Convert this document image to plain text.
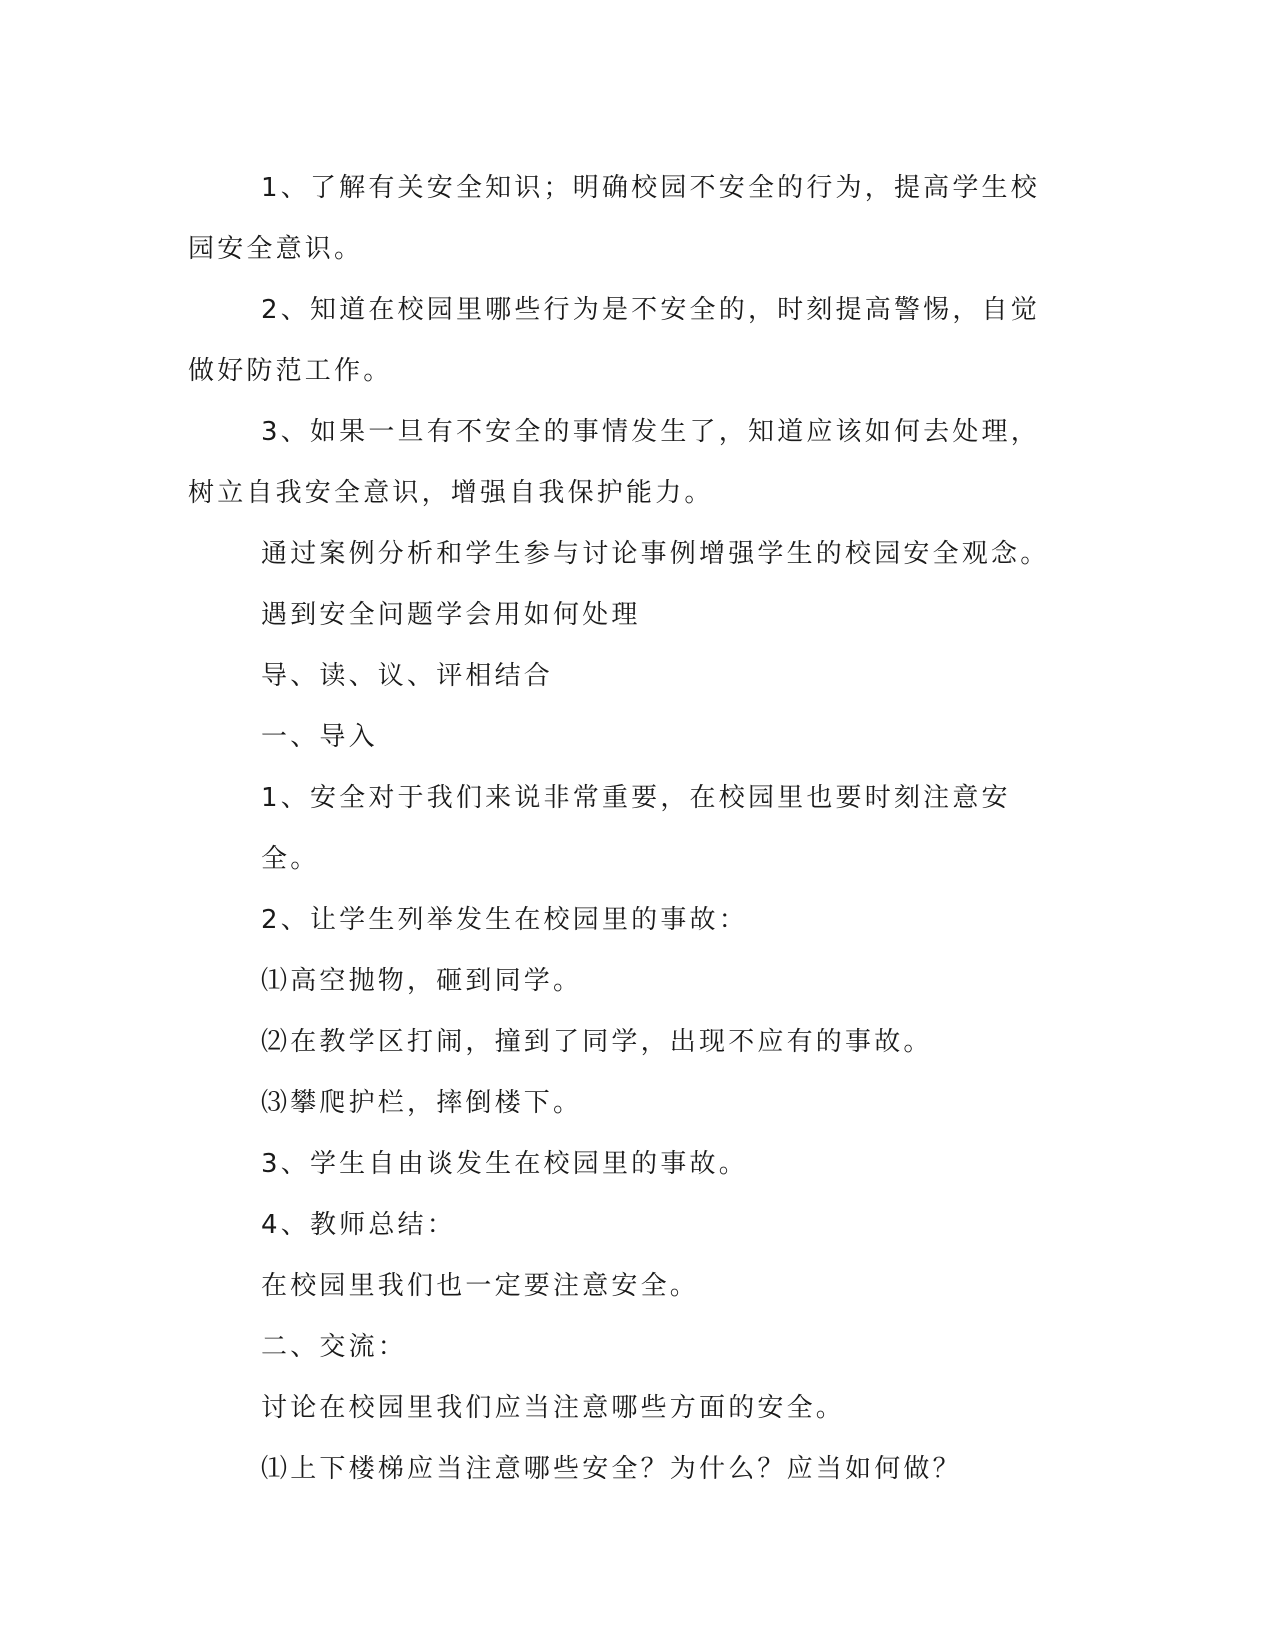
1、了解有关安全知识；明确校园不安全的行为，提高学生校园安全意识。

2、知道在校园里哪些行为是不安全的，时刻提高警惕，自觉做好防范工作。

3、如果一旦有不安全的事情发生了，知道应该如何去处理，树立自我安全意识，增强自我保护能力。

通过案例分析和学生参与讨论事例增强学生的校园安全观念。

遇到安全问题学会用如何处理

导、读、议、评相结合

一、导入

1、安全对于我们来说非常重要，在校园里也要时刻注意安全。

2、让学生列举发生在校园里的事故：

⑴高空抛物，砸到同学。

⑵在教学区打闹，撞到了同学，出现不应有的事故。

⑶攀爬护栏，摔倒楼下。

3、学生自由谈发生在校园里的事故。

4、教师总结：

在校园里我们也一定要注意安全。

二、交流：

讨论在校园里我们应当注意哪些方面的安全。

⑴上下楼梯应当注意哪些安全？为什么？应当如何做？
